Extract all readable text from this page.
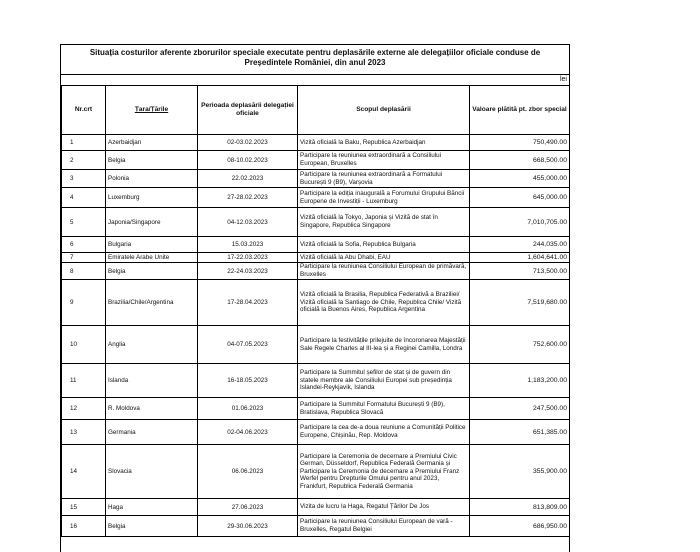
Situația costurilor aferente zborurilor speciale executate pentru deplasările externe ale delegațiilor oficiale conduse de
Președintele României, din anul 2023
lei
Nr.crt	Țara/Țările	Perioada deplasării delegației oficiale	Scopul deplasării	Valoare plătită pt. zbor special
1	Azerbaidjan	02-03.02.2023	Vizită oficială la Baku, Republica Azerbaidjan	750,490.00
2	Belgia	08-10.02.2023	Participare la reuniunea extraordinară a Consiliului European, Bruxelles	668,500.00
3	Polonia	22.02.2023	Participare la reuniunea extraordinară a Formatului București 9 (B9), Varșovia	455,000.00
4	Luxemburg	27-28.02.2023	Participare la ediția inaugurală a Forumului Grupului Băncii Europene de Investiții - Luxemburg	645,000.00
5	Japonia/Singapore	04-12.03.2023	Vizită oficială la Tokyo, Japonia și Vizită de stat în Singapore, Republica Singapore	7,010,705.00
6	Bulgaria	15.03.2023	Vizită oficială la Sofia, Republica Bulgaria	244,035.00
7	Emiratele Arabe Unite	17-22.03.2023	Vizită oficială la Abu Dhabi, EAU	1,604,641.00
8	Belgia	22-24.03.2023	Participare la reuniunea Consiliului European de primăvară, Bruxelles	713,500.00
9	Brazilia/Chile/Argentina	17-28.04.2023	Vizită oficială la Brasilia, Republica Federativă a Braziliei/ Vizită oficială la Santiago de Chile, Republica Chile/ Vizită oficială la Buenos Aires, Republica Argentina	7,519,680.00
10	Anglia	04-07.05.2023	Participare la festivitățile prilejuite de încoronarea Majestății Sale Regele Charles al III-lea și a Reginei Camilla, Londra	752,600.00
11	Islanda	16-18.05.2023	Participare la Summitul șefilor de stat și de guvern din statele membre ale Consiliului Europei sub președinția Islandei-Reykjavik, Islanda	1,183,200.00
12	R. Moldova	01.06.2023	Participare la Summitul Formatului București 9 (B9), Bratislava, Republica Slovacă	247,500.00
13	Germania	02-04.06.2023	Participare la cea de-a doua reuniune a Comunității Politice Europene, Chișinău, Rep. Moldova	651,385.00
14	Slovacia	06.06.2023	Participare la Ceremonia de decernare a Premiului Civic German, Düsseldorf, Republica Federală Germania și Participare la Ceremonia de decernare a Premiului Franz Werfel pentru Drepturile Omului pentru anul 2023, Frankfurt, Republica Federală Germania	355,900.00
15	Haga	27.06.2023	Vizita de lucru la Haga, Regatul Țărilor De Jos	813,809.00
16	Belgia	29-30.06.2023	Participare la reuniunea Consiliului European de vară - Bruxelles, Regatul Belgiei	686,950.00
